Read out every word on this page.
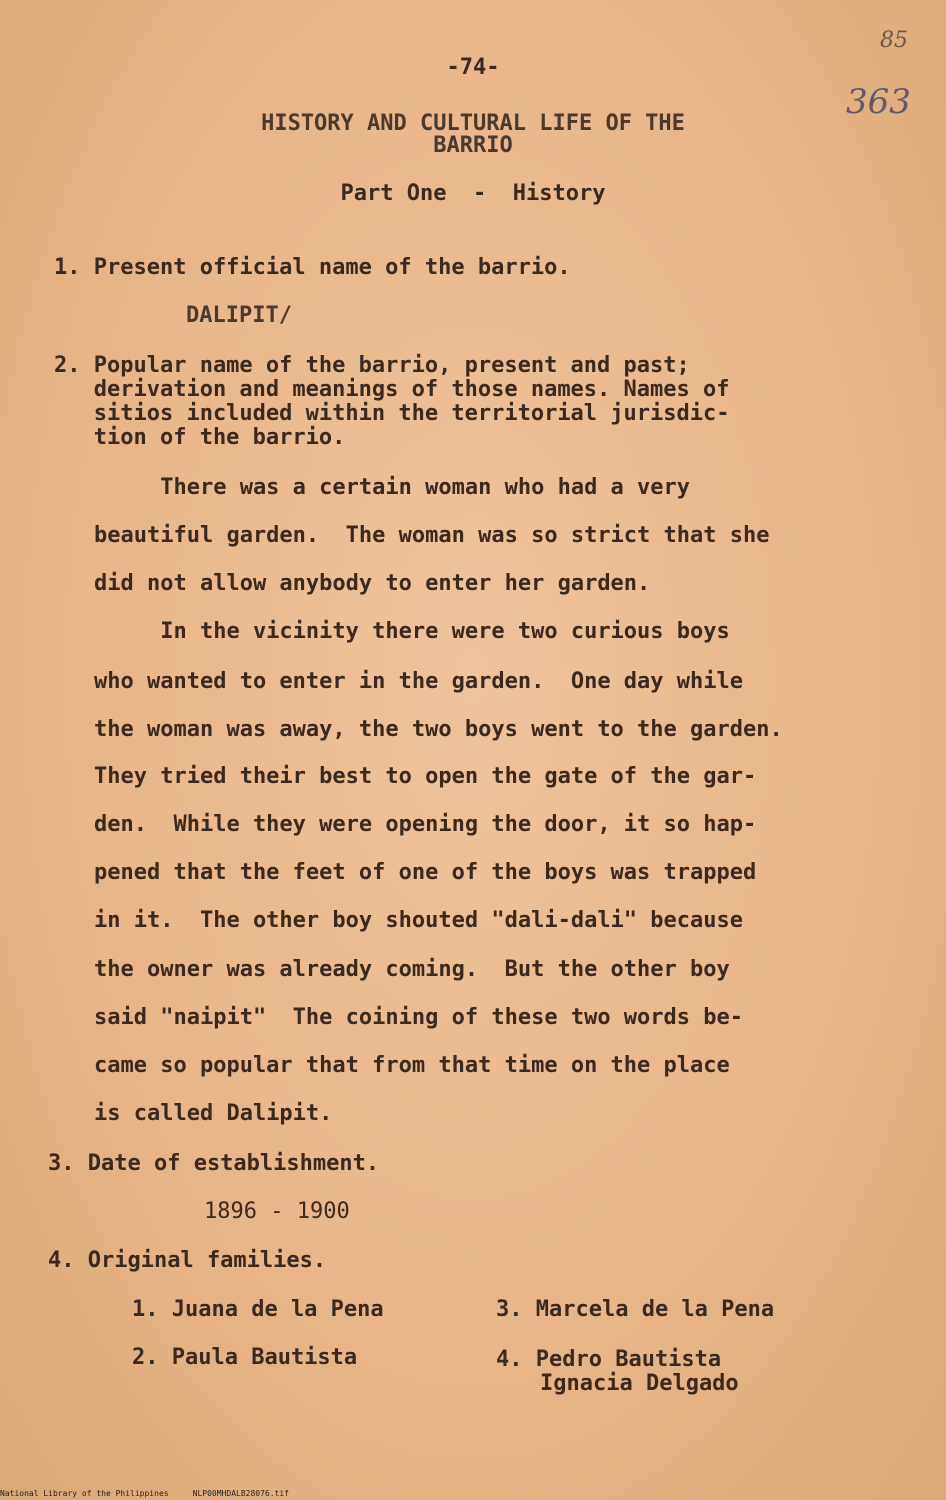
-74-
85
363
HISTORY AND CULTURAL LIFE OF THE
BARRIO
Part One  -  History
1. Present official name of the barrio.
DALIPIT/
2. Popular name of the barrio, present and past;
derivation and meanings of those names. Names of
sitios included within the territorial jurisdic-
tion of the barrio.
There was a certain woman who had a very
beautiful garden.  The woman was so strict that she
did not allow anybody to enter her garden.
In the vicinity there were two curious boys
who wanted to enter in the garden.  One day while
the woman was away, the two boys went to the garden.
They tried their best to open the gate of the gar-
den.  While they were opening the door, it so hap-
pened that the feet of one of the boys was trapped
in it.  The other boy shouted "dali-dali" because
the owner was already coming.  But the other boy
said "naipit"  The coining of these two words be-
came so popular that from that time on the place
is called Dalipit.
3. Date of establishment.
1896 - 1900
4. Original families.
1. Juana de la Pena
2. Paula Bautista
3. Marcela de la Pena
4. Pedro Bautista
Ignacia Delgado
National Library of the Philippines     NLP00MHDALB28076.tif
